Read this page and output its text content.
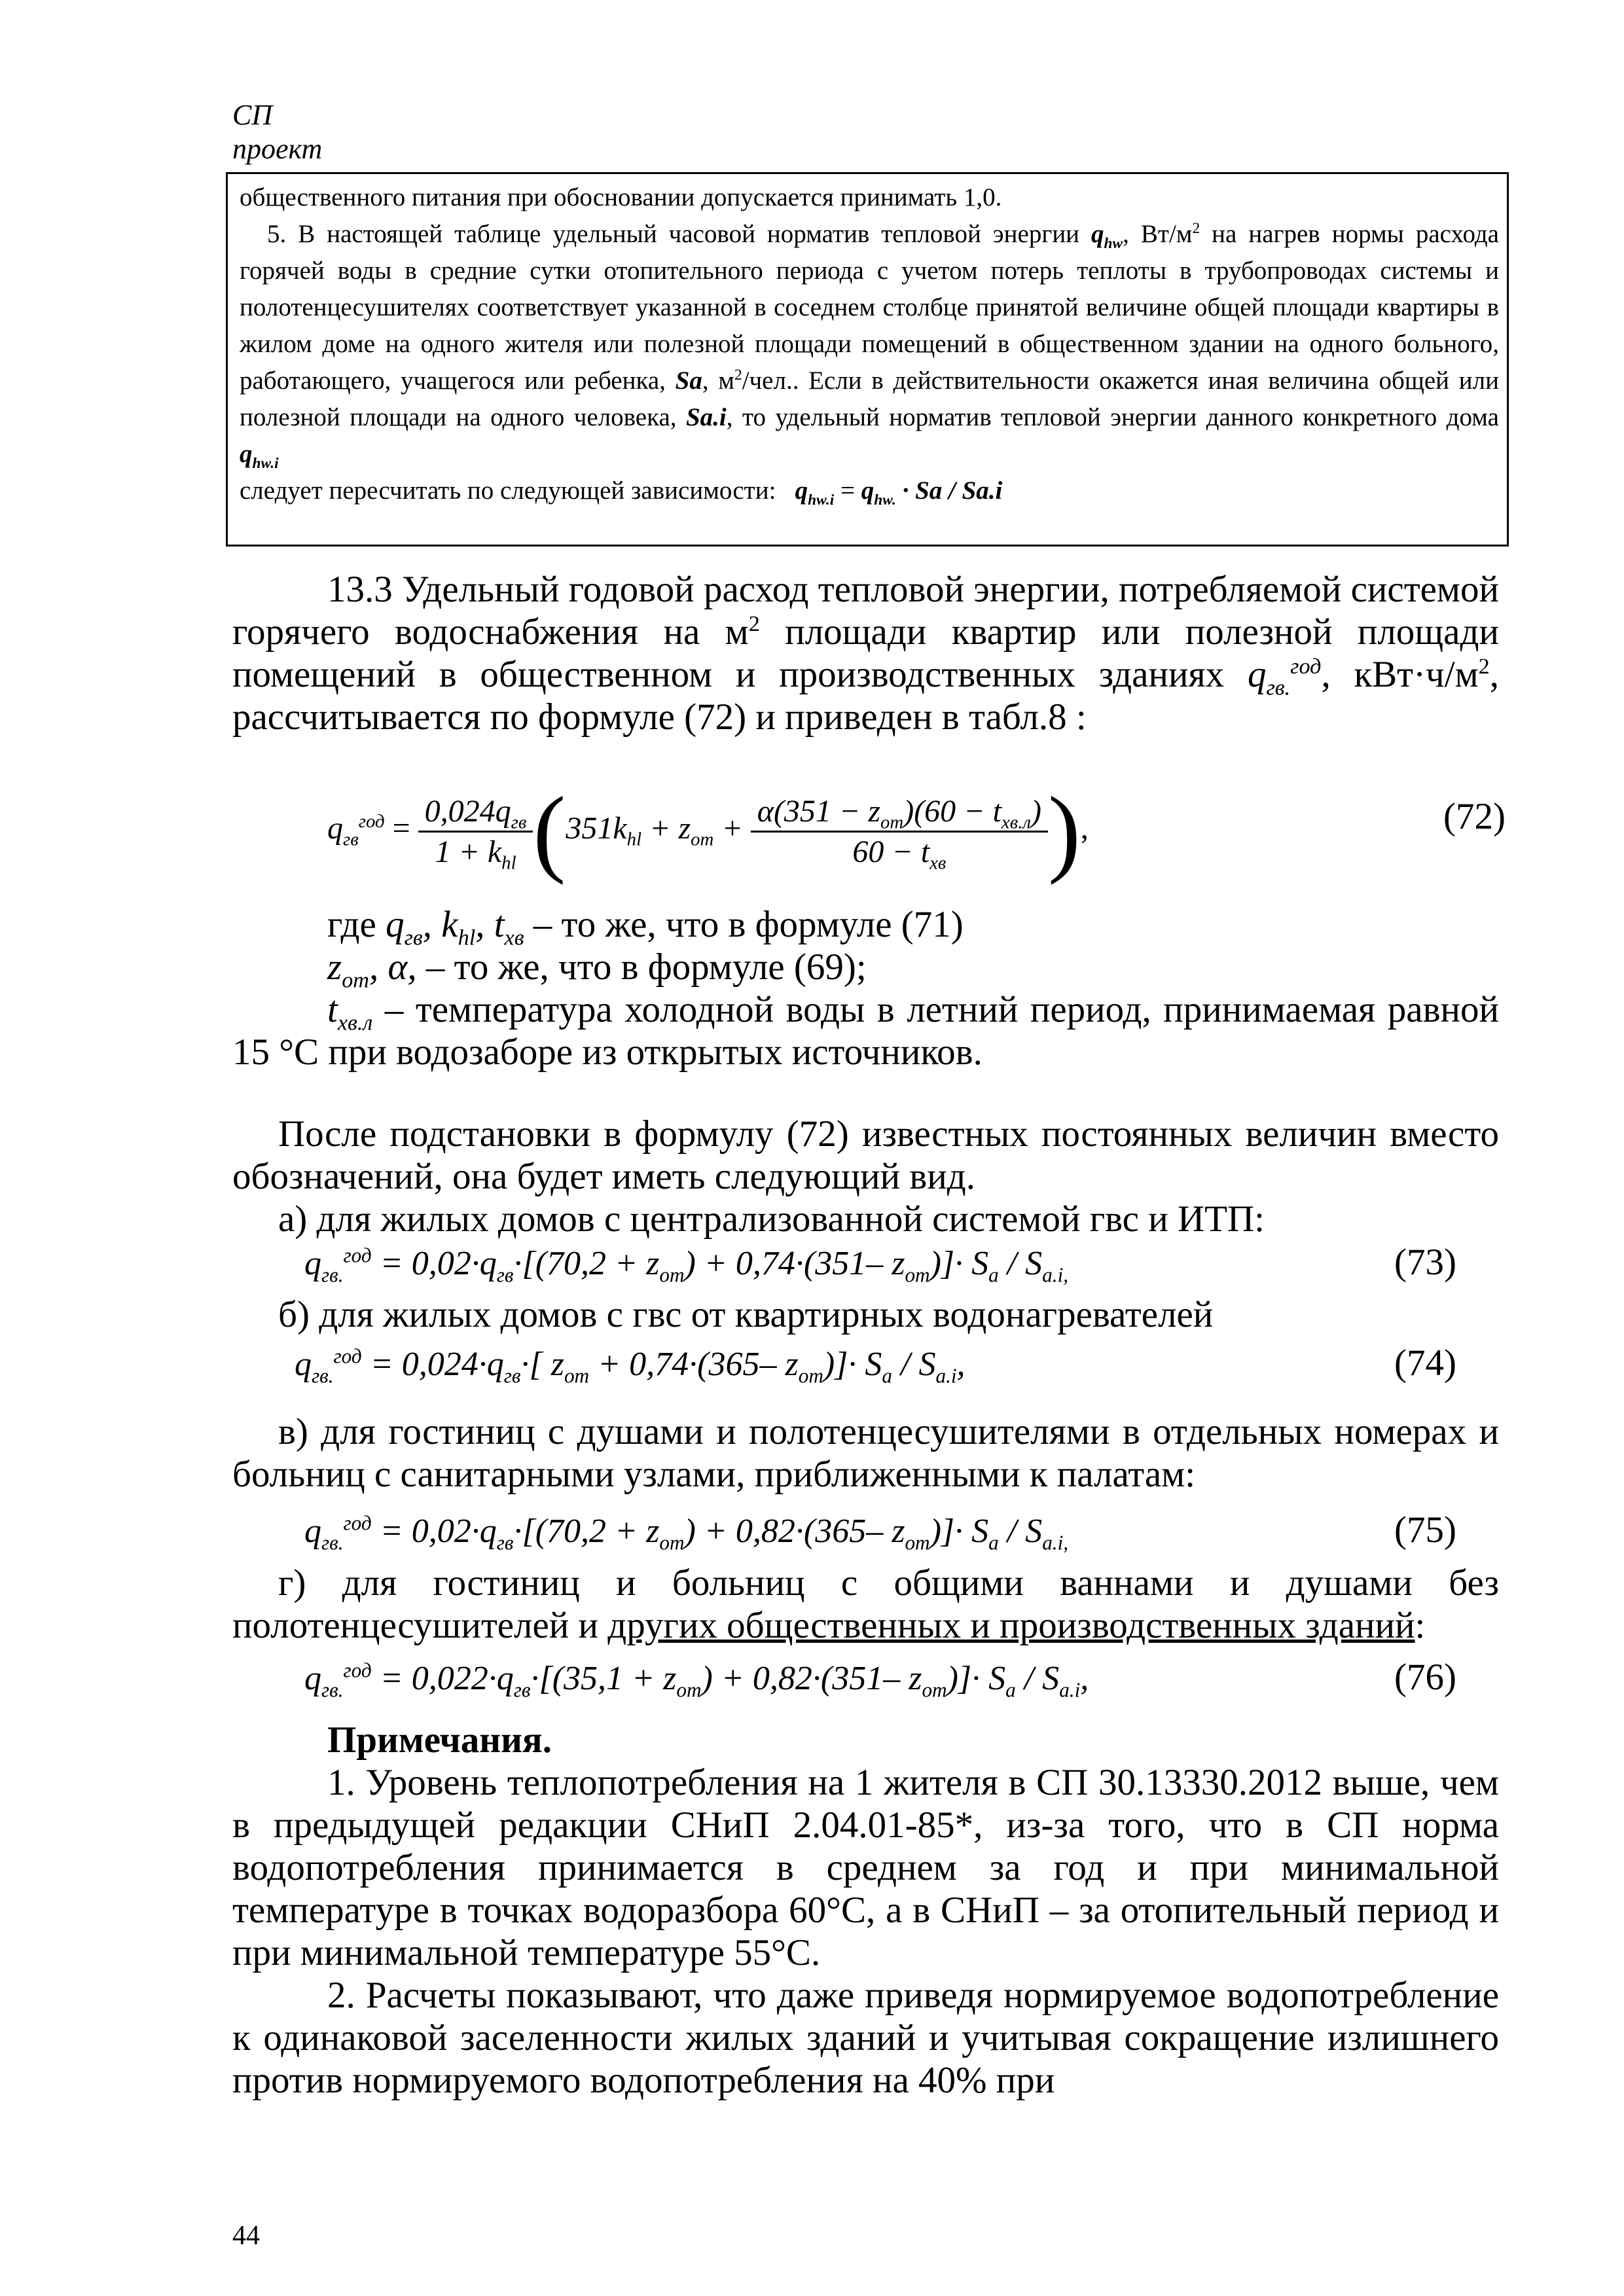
СП
проект

общественного питания при обосновании допускается принимать 1,0.

5. В настоящей таблице удельный часовой норматив тепловой энергии $q_{hw}$, $Вт/м^2$ на нагрев нормы расхода горячей воды в средние сутки отопительного периода с учетом потерь теплоты в трубопроводах системы и полотенцесушителях соответствует указанной в соседнем столбце принятой величине общей площади квартиры в жилом доме на одного жителя или полезной площади помещений в общественном здании на одного больного, работающего, учащегося или ребенка, Sa, $м^2$/чел.. Если в действительности окажется иная величина общей или полезной площади на одного человека, Sa.i, то удельный норматив тепловой энергии данного конкретного дома $q_{hw.i}$

следует пересчитать по следующей зависимости: $q_{hw.i} = q_{hw.} \cdot Sa / Sa.i$

13.3 Удельный годовой расход тепловой энергии, потребляемой системой горячего водоснабжения на $м^2$ площади квартир или полезной площади помещений в общественном и производственных зданиях $q_{гв.}^{год}$, $кВт\cdot ч/м^2$, рассчитывается по формуле (72) и приведен в табл.8 :

$q_{гв}^{год} = \frac{0,024q_{гв}}{1 + k_{hl}} (351k_{hl} + z_{от} + \frac{\alpha(351 - z_{от})(60 - t_{хв.л})}{60 - t_{хв}}$ ),	(72)

где $q_{гв}$, $k_{hl}$, $t_{хв}$ – то же, что в формуле (71)

$z_{от}$, α, – то же, что в формуле (69);

$t_{хв.л}$ – температура холодной воды в летний период, принимаемая равной 15 °С при водозаборе из открытых источников.

После подстановки в формулу (72) известных постоянных величин вместо обозначений, она будет иметь следующий вид.

а) для жилых домов с централизованной системой гвс и ИТП:

$q_{гв.}^{год} = 0,02\cdot q_{гв}\cdot[(70,2 + z_{от}) + 0,74\cdot(351-$ $z_{от})]\cdot S_a / S_{a.i,}$	(73)

б) для жилых домов с гвс от квартирных водонагревателей

$q_{гв.}^{год} = 0,024\cdot q_{гв}\cdot$[ $z_{от} + 0,74\cdot(365-$ $z_{от})]\cdot S_a / S_{a.i}$,	(74)

в) для гостиниц с душами и полотенцесушителями в отдельных номерах и больниц с санитарными узлами, приближенными к палатам:

$q_{гв.}^{год} = 0,02\cdot q_{гв}\cdot[(70,2 + z_{от}) + 0,82\cdot(365-$ $z_{от})]\cdot S_a / S_{a.i,}$	(75)

г) для гостиниц и больниц с общими ваннами и душами без полотенцесушителей и других общественных и производственных зданий:

$q_{гв.}^{год} = 0,022\cdot q_{гв}\cdot[(35,1 + z_{от}) + 0,82\cdot(351-$ $z_{от})]\cdot S_a / S_{a.i}$,	(76)

Примечания.

1. Уровень теплопотребления на 1 жителя в СП 30.13330.2012 выше, чем в предыдущей редакции СНиП 2.04.01-85*, из-за того, что в СП норма водопотребления принимается в среднем за год и при минимальной температуре в точках водоразбора 60°С, а в СНиП – за отопительный период и при минимальной температуре 55°С.

2. Расчеты показывают, что даже приведя нормируемое водопотребление к одинаковой заселенности жилых зданий и учитывая сокращение излишнего против нормируемого водопотребления на 40% при

44
